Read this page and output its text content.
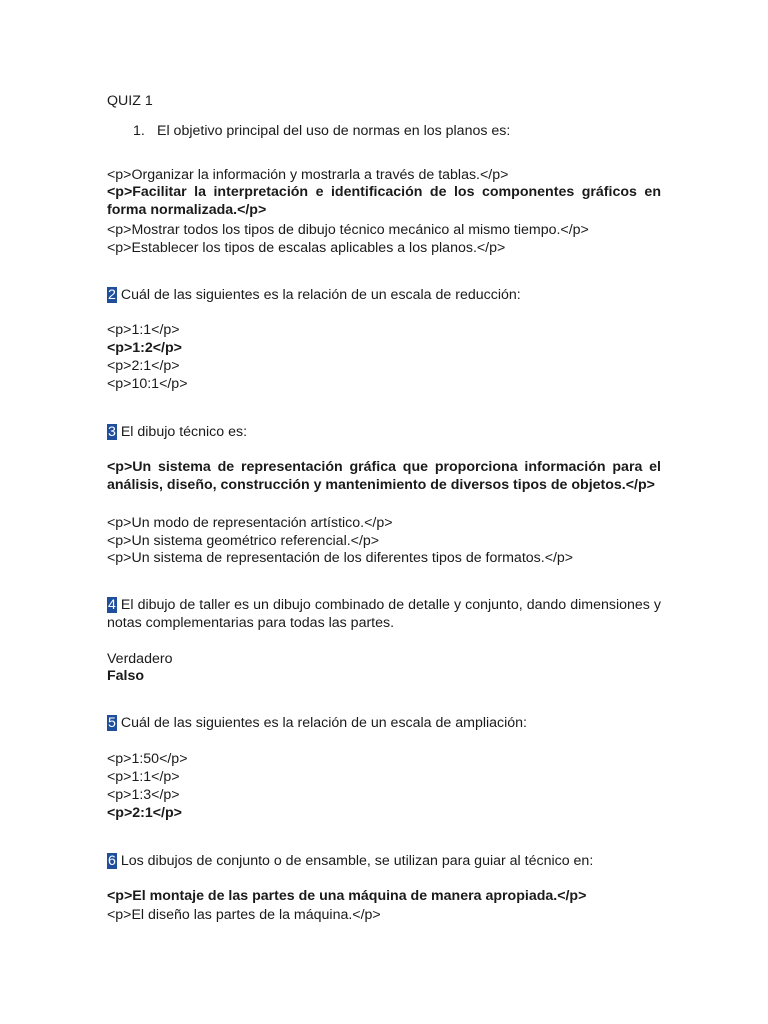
QUIZ 1
1. El objetivo principal del uso de normas en los planos es:
<p>Organizar la información y mostrarla a través de tablas.</p>
<p>Facilitar la interpretación e identificación de los componentes gráficos en forma normalizada.</p>
<p>Mostrar todos los tipos de dibujo técnico mecánico al mismo tiempo.</p>
<p>Establecer los tipos de escalas aplicables a los planos.</p>
2 Cuál de las siguientes es la relación de un escala de reducción:
<p>1:1</p>
<p>1:2</p>
<p>2:1</p>
<p>10:1</p>
3 El dibujo técnico es:
<p>Un sistema de representación gráfica que proporciona información para el análisis, diseño, construcción y mantenimiento de diversos tipos de objetos.</p>
<p>Un modo de representación artístico.</p>
<p>Un sistema geométrico referencial.</p>
<p>Un sistema de representación de los diferentes tipos de formatos.</p>
4 El dibujo de taller es un dibujo combinado de detalle y conjunto, dando dimensiones y notas complementarias para todas las partes.
Verdadero
Falso
5 Cuál de las siguientes es la relación de un escala de ampliación:
<p>1:50</p>
<p>1:1</p>
<p>1:3</p>
<p>2:1</p>
6 Los dibujos de conjunto o de ensamble, se utilizan para guiar al técnico en:
<p>El montaje de las partes de una máquina de manera apropiada.</p>
<p>El diseño las partes de la máquina.</p>
